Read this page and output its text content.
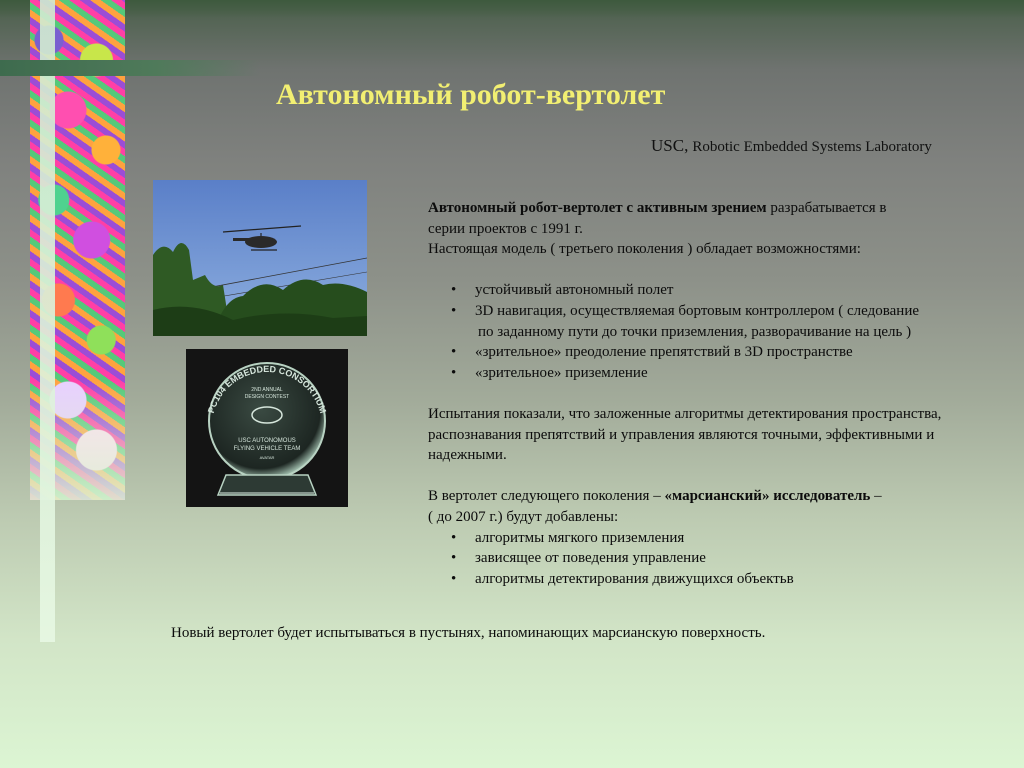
Автономный робот-вертолет
USC, Robotic Embedded Systems Laboratory
PC104 EMBEDDED CONSORTIUM
2ND ANNUAL
DESIGN CONTEST
USC AUTONOMOUS
FLYING VEHICLE TEAM
AVATAR

Автономный робот-вертолет с активным зрением разрабатывается в

серии проектов с 1991 г.

Настоящая модель ( третьего поколения ) обладает возможностями:

• устойчивый автономный полет
• 3D навигация, осуществляемая бортовым контроллером ( следование
по заданному пути до точки приземления, разворачивание на цель )
• «зрительное» преодоление препятствий в 3D пространстве
• «зрительное» приземление

Испытания показали, что заложенные алгоритмы детектирования пространства,

распознавания препятствий и управления являются точными, эффективными и

надежными.

В вертолет следующего поколения – «марсианский» исследователь –

( до 2007 г.) будут добавлены:

• алгоритмы мягкого приземления
• зависящее от поведения управление
• алгоритмы детектирования движущихся объектьв
Новый вертолет будет испытываться в пустынях, напоминающих марсианскую поверхность.
